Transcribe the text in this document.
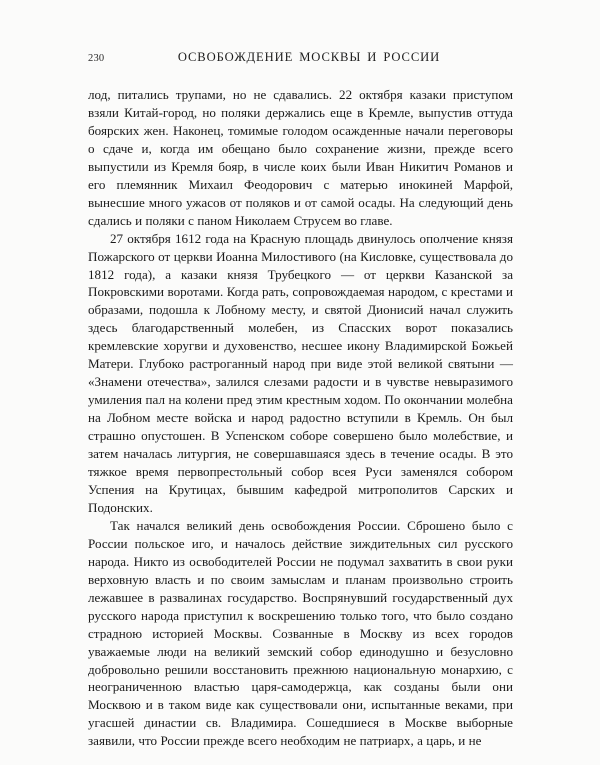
230	ОСВОБОЖДЕНИЕ МОСКВЫ И РОССИИ

лод, питались трупами, но не сдавались. 22 октября казаки приступом взяли Китай-город, но поляки держались еще в Кремле, выпустив оттуда боярских жен. Наконец, томимые голодом осажденные начали переговоры о сдаче и, когда им обещано было сохранение жизни, прежде всего выпустили из Кремля бояр, в числе коих были Иван Никитич Романов и его племянник Михаил Феодорович с матерью инокиней Марфой, вынесшие много ужасов от поляков и от самой осады. На следующий день сдались и поляки с паном Николаем Струсем во главе.

27 октября 1612 года на Красную площадь двинулось ополчение князя Пожарского от церкви Иоанна Милостивого (на Кисловке, существовала до 1812 года), а казаки князя Трубецкого — от церкви Казанской за Покровскими воротами. Когда рать, сопровождаемая народом, с крестами и образами, подошла к Лобному месту, и святой Дионисий начал служить здесь благодарственный молебен, из Спасских ворот показались кремлевские хоругви и духовенство, несшее икону Владимирской Божьей Матери. Глубоко растроганный народ при виде этой великой святыни — «Знамени отечества», залился слезами радости и в чувстве невыразимого умиления пал на колени пред этим крестным ходом. По окончании молебна на Лобном месте войска и народ радостно вступили в Кремль. Он был страшно опустошен. В Успенском соборе совершено было молебствие, и затем началась литургия, не совершавшаяся здесь в течение осады. В это тяжкое время первопрестольный собор всея Руси заменялся собором Успения на Крутицах, бывшим кафедрой митрополитов Сарских и Подонских.

Так начался великий день освобождения России. Сброшено было с России польское иго, и началось действие зиждительных сил русского народа. Никто из освободителей России не подумал захватить в свои руки верховную власть и по своим замыслам и планам произвольно строить лежавшее в развалинах государство. Воспрянувший государственный дух русского народа приступил к воскрешению только того, что было создано страдною историей Москвы. Созванные в Москву из всех городов уважаемые люди на великий земский собор единодушно и безусловно добровольно решили восстановить прежнюю национальную монархию, с неограниченною властью царя-самодержца, как созданы были они Москвою и в таком виде как существовали они, испытанные веками, при угасшей династии св. Владимира. Сошедшиеся в Москве выборные заявили, что России прежде всего необходим не патриарх, а царь, и не
